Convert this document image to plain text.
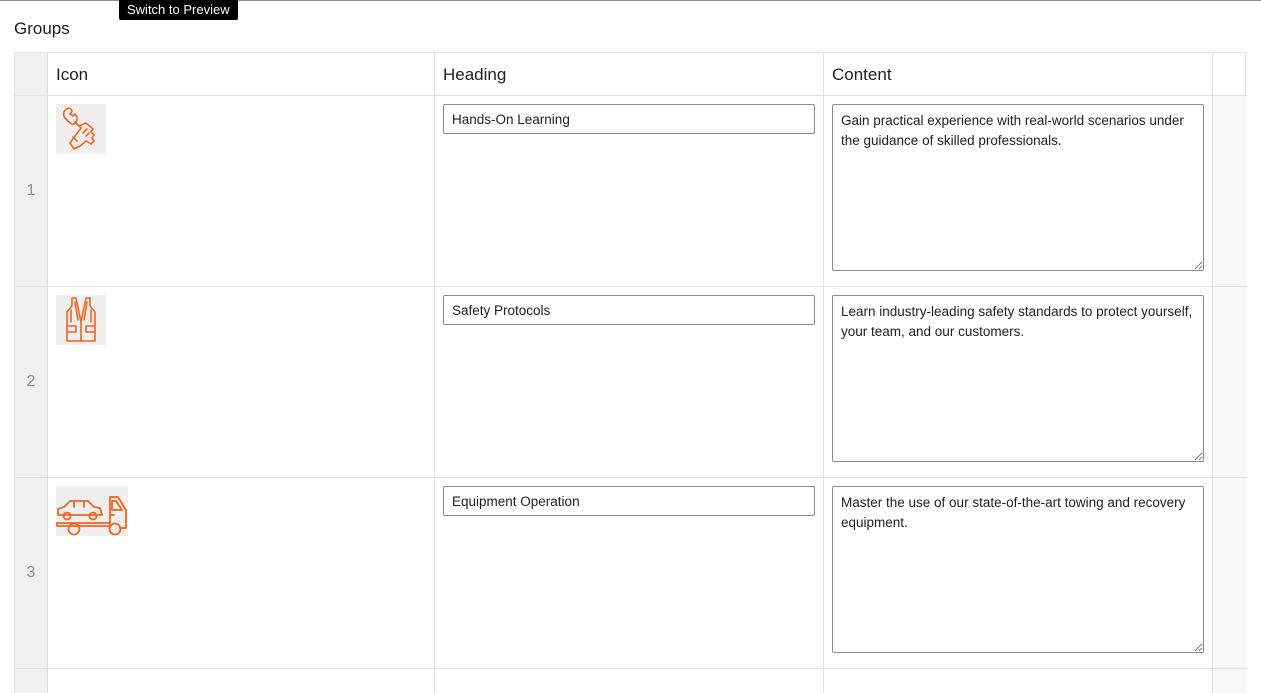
Switch to Preview
Groups
Icon	Heading	Content
1
Hands-On Learning
Gain practical experience with real-world scenarios under the guidance of skilled professionals.
2
Safety Protocols
Learn industry-leading safety standards to protect yourself, your team, and our customers.
3
Equipment Operation
Master the use of our state-of-the-art towing and recovery equipment.
